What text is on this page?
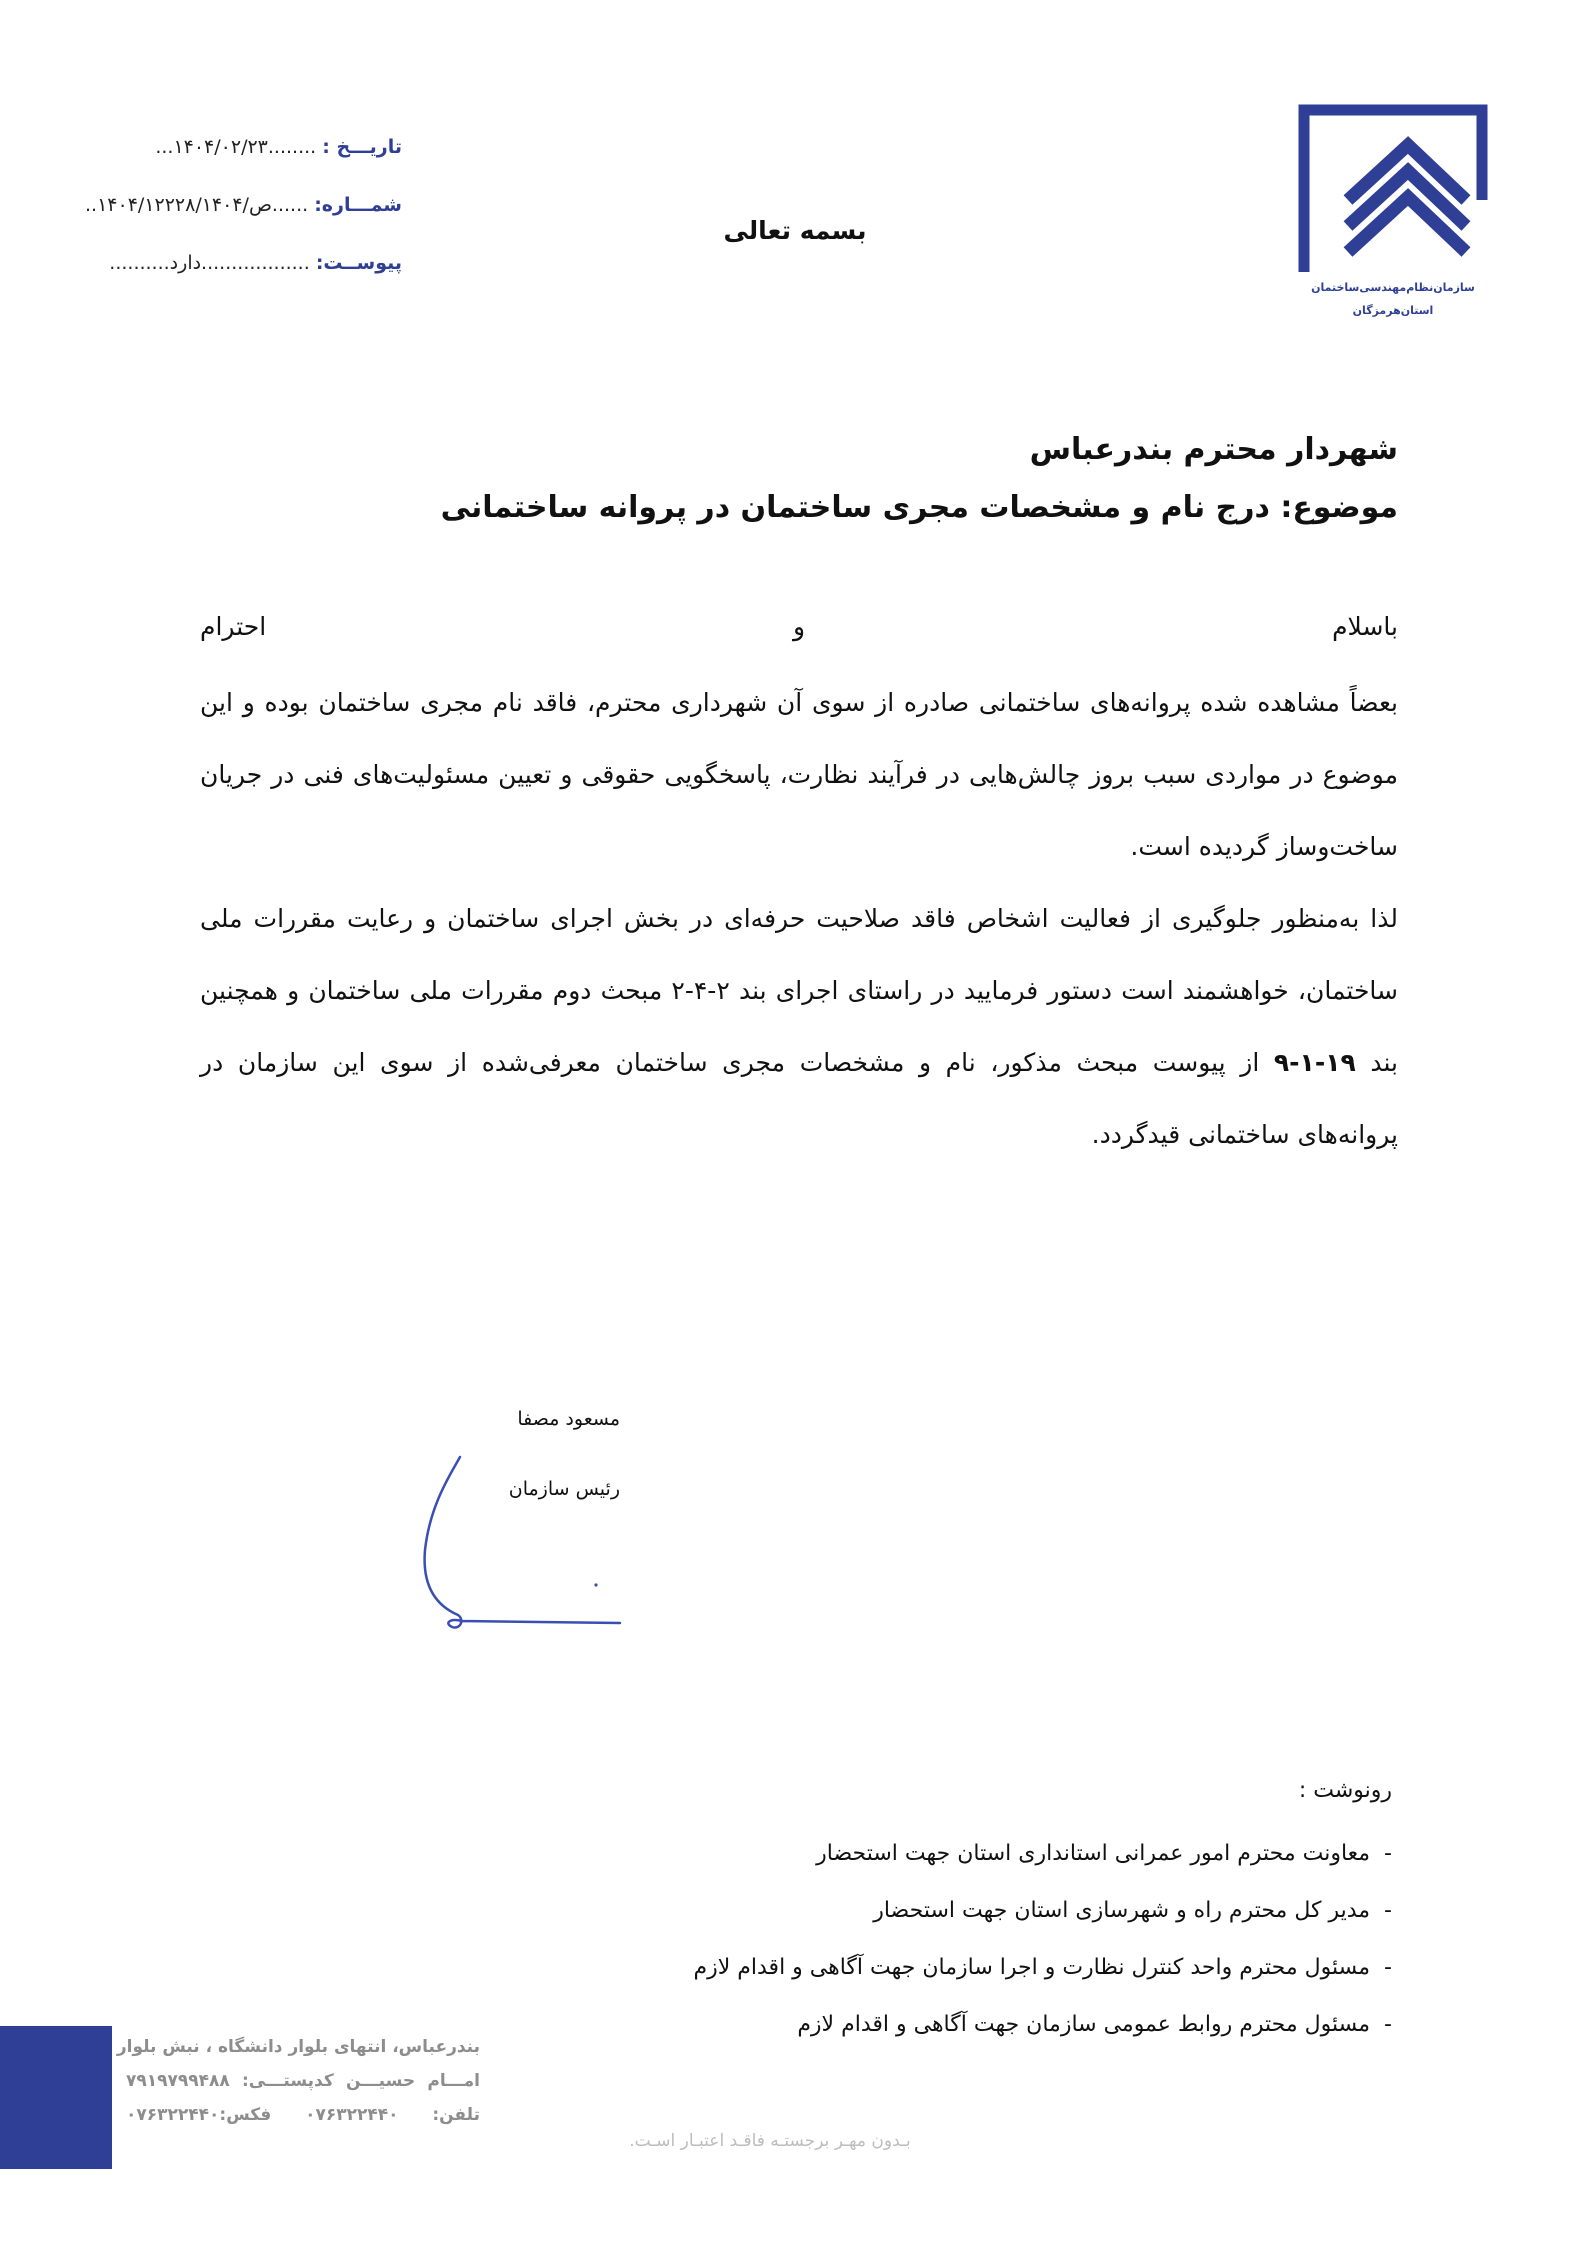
تاریـــخ : ........۱۴۰۴/۰۲/۲۳...
شمـــاره: ......ص/۱۴۰۴/۱۲۲۲۸/۱۴۰۴..
پیوســت: ..................دارد..........
بسمه تعالی
سازمان‌نظام‌مهندسی‌ساختمان
استان‌هرمزگان
شهردار محترم بندرعباس
موضوع: درج نام و مشخصات مجری ساختمان در پروانه ساختمانی
باسلام
و
احترام

بعضاً مشاهده شده پروانه‌های ساختمانی صادره از سوی آن شهرداری محترم، فاقد نام مجری ساختمان بوده و این موضوع در مواردی سبب بروز چالش‌هایی در فرآیند نظارت، پاسخگویی حقوقی و تعیین مسئولیت‌های فنی در جریان ساخت‌وساز گردیده است.

لذا به‌منظور جلوگیری از فعالیت اشخاص فاقد صلاحیت حرفه‌ای در بخش اجرای ساختمان و رعایت مقررات ملی ساختمان، خواهشمند است دستور فرمایید در راستای اجرای بند ۲-۴-۲ مبحث دوم مقررات ملی ساختمان و همچنین بند ۱۹-۱-۹ از پیوست مبحث مذکور، نام و مشخصات مجری ساختمان معرفی‌شده از سوی این سازمان در پروانه‌های ساختمانی قیدگردد.

مسعود مصفا
رئیس سازمان
رونوشت :
-معاونت محترم امور عمرانی استانداری استان جهت استحضار
-مدیر کل محترم راه و شهرسازی استان جهت استحضار
-مسئول محترم واحد کنترل نظارت و اجرا سازمان جهت آگاهی و اقدام لازم
-مسئول محترم روابط عمومی سازمان جهت آگاهی و اقدام لازم
بندرعباس، انتهای بلوار دانشگاه ، نبش بلوار
امـــام حسیـــن کدپستـــی: ۷۹۱۹۷۹۹۴۸۸
تلفن: ۰۷۶۳۲۲۴۴۰ فکس:۰۷۶۳۲۲۴۴۰
بـدون مهـر برجستـه فاقـد اعتبـار اسـت.
